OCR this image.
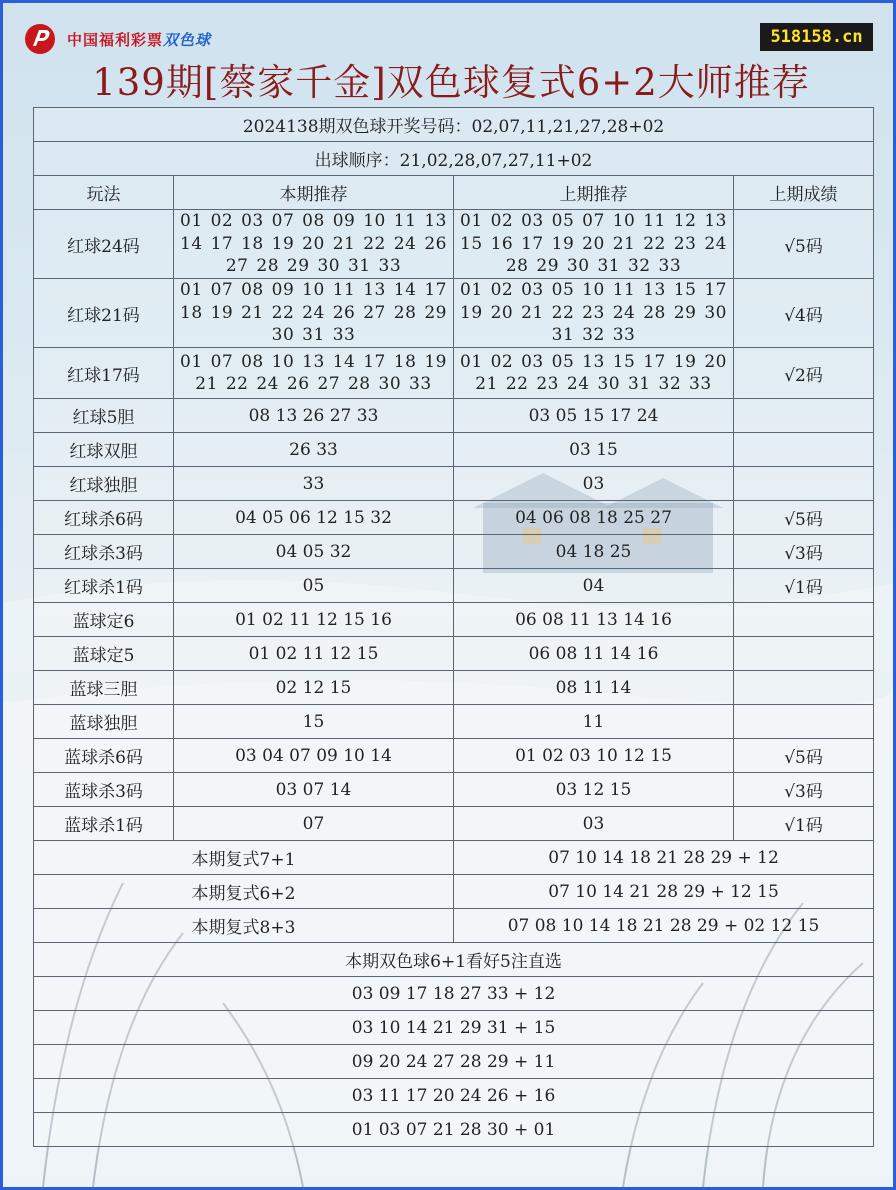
中国福利彩票双色球	518158.cn
139期[蔡家千金]双色球复式6+2大师推荐
2024138期双色球开奖号码：02,07,11,21,27,28+02			
出球顺序：21,02,28,07,27,11+02			
玩法	本期推荐	上期推荐	上期成绩
红球24码	01 02 03 07 08 09 10 11 13 14 17 18 19 20 21 22 24 26 27 28 29 30 31 33	01 02 03 05 07 10 11 12 13 15 16 17 19 20 21 22 23 24 28 29 30 31 32 33	√5码
红球21码	01 07 08 09 10 11 13 14 17 18 19 21 22 24 26 27 28 29 30 31 33	01 02 03 05 10 11 13 15 17 19 20 21 22 23 24 28 29 30 31 32 33	√4码
红球17码	01 07 08 10 13 14 17 18 19 21 22 24 26 27 28 30 33	01 02 03 05 13 15 17 19 20 21 22 23 24 30 31 32 33	√2码
红球5胆	08 13 26 27 33	03 05 15 17 24	
红球双胆	26 33	03 15	
红球独胆	33	03	
红球杀6码	04 05 06 12 15 32	04 06 08 18 25 27	√5码
红球杀3码	04 05 32	04 18 25	√3码
红球杀1码	05	04	√1码
蓝球定6	01 02 11 12 15 16	06 08 11 13 14 16	
蓝球定5	01 02 11 12 15	06 08 11 14 16	
蓝球三胆	02 12 15	08 11 14	
蓝球独胆	15	11	
蓝球杀6码	03 04 07 09 10 14	01 02 03 10 12 15	√5码
蓝球杀3码	03 07 14	03 12 15	√3码
蓝球杀1码	07	03	√1码
本期复式7+1		07 10 14 18 21 28 29 + 12	
本期复式6+2		07 10 14 21 28 29 + 12 15	
本期复式8+3		07 08 10 14 18 21 28 29 + 02 12 15	
本期双色球6+1看好5注直选			
03 09 17 18 27 33 + 12			
03 10 14 21 29 31 + 15			
09 20 24 27 28 29 + 11			
03 11 17 20 24 26 + 16			
01 03 07 21 28 30 + 01			
